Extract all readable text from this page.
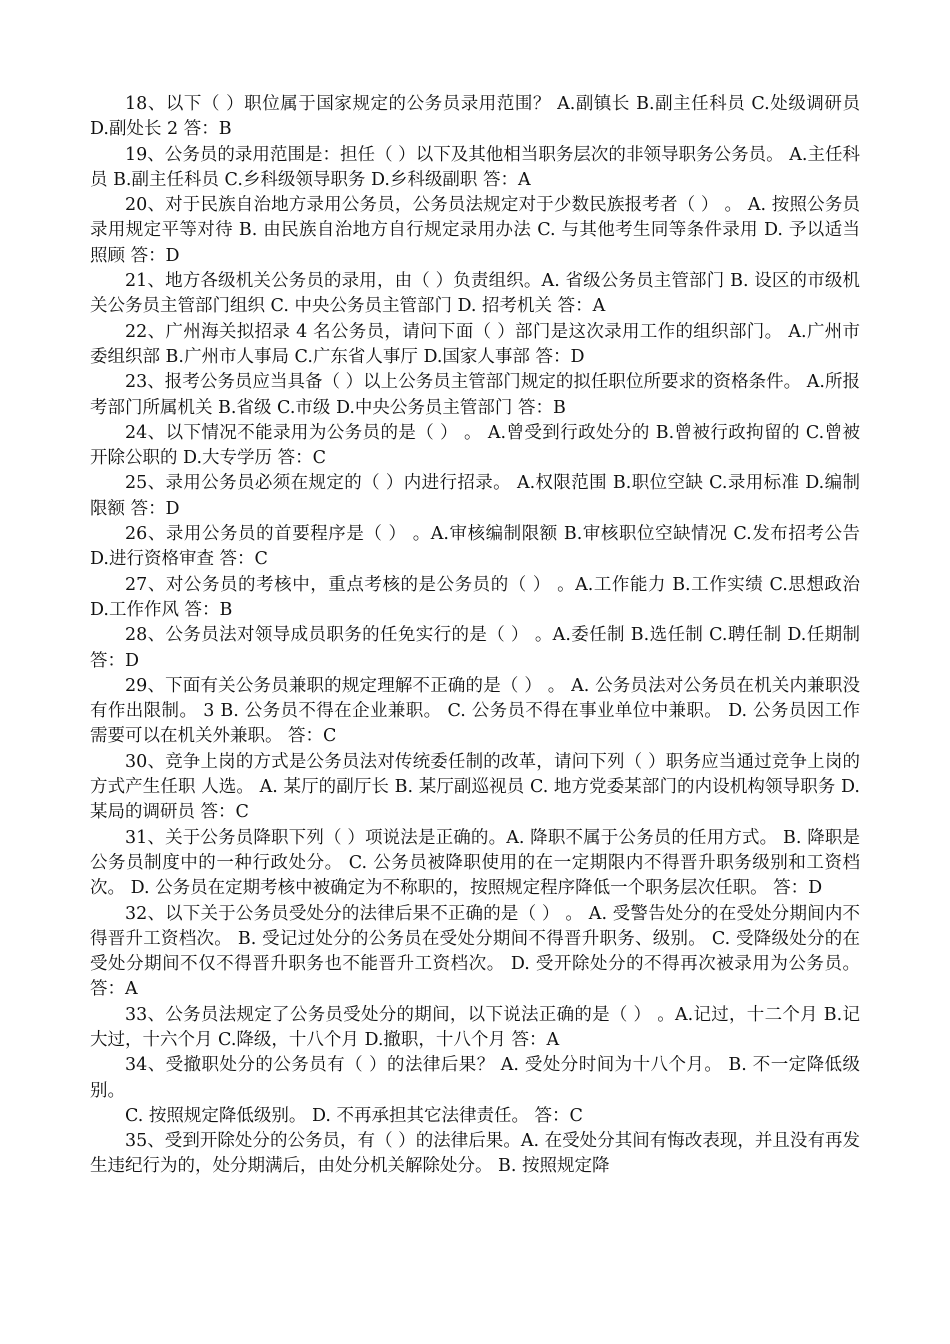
18、以下（ ）职位属于国家规定的公务员录用范围？ A.副镇长 B.副主任科员 C.处级调研员 D.副处长 2 答：B

19、公务员的录用范围是：担任（ ）以下及其他相当职务层次的非领导职务公务员。 A.主任科员 B.副主任科员 C.乡科级领导职务 D.乡科级副职 答：A

20、对于民族自治地方录用公务员，公务员法规定对于少数民族报考者（ ） 。 A. 按照公务员录用规定平等对待 B. 由民族自治地方自行规定录用办法 C. 与其他考生同等条件录用 D. 予以适当照顾 答：D

21、地方各级机关公务员的录用，由（ ）负责组织。A. 省级公务员主管部门 B. 设区的市级机关公务员主管部门组织 C. 中央公务员主管部门 D. 招考机关 答：A

22、广州海关拟招录 4 名公务员，请问下面（ ）部门是这次录用工作的组织部门。 A.广州市委组织部 B.广州市人事局 C.广东省人事厅 D.国家人事部 答：D

23、报考公务员应当具备（ ）以上公务员主管部门规定的拟任职位所要求的资格条件。 A.所报考部门所属机关 B.省级 C.市级 D.中央公务员主管部门 答：B

24、以下情况不能录用为公务员的是（ ） 。 A.曾受到行政处分的 B.曾被行政拘留的 C.曾被开除公职的 D.大专学历 答：C

25、录用公务员必须在规定的（ ）内进行招录。 A.权限范围 B.职位空缺 C.录用标准 D.编制限额 答：D

26、录用公务员的首要程序是（ ） 。A.审核编制限额 B.审核职位空缺情况 C.发布招考公告 D.进行资格审查 答：C

27、对公务员的考核中，重点考核的是公务员的（ ） 。A.工作能力 B.工作实绩 C.思想政治 D.工作作风 答：B

28、公务员法对领导成员职务的任免实行的是（ ） 。A.委任制 B.选任制 C.聘任制 D.任期制 答：D

29、下面有关公务员兼职的规定理解不正确的是（ ） 。 A. 公务员法对公务员在机关内兼职没有作出限制。 3 B. 公务员不得在企业兼职。 C. 公务员不得在事业单位中兼职。 D. 公务员因工作需要可以在机关外兼职。 答：C

30、竞争上岗的方式是公务员法对传统委任制的改革，请问下列（ ）职务应当通过竞争上岗的方式产生任职 人选。 A. 某厅的副厅长 B. 某厅副巡视员 C. 地方党委某部门的内设机构领导职务 D. 某局的调研员 答：C

31、关于公务员降职下列（ ）项说法是正确的。A. 降职不属于公务员的任用方式。 B. 降职是公务员制度中的一种行政处分。 C. 公务员被降职使用的在一定期限内不得晋升职务级别和工资档次。 D. 公务员在定期考核中被确定为不称职的，按照规定程序降低一个职务层次任职。 答：D

32、以下关于公务员受处分的法律后果不正确的是（ ） 。 A. 受警告处分的在受处分期间内不得晋升工资档次。 B. 受记过处分的公务员在受处分期间不得晋升职务、级别。 C. 受降级处分的在受处分期间不仅不得晋升职务也不能晋升工资档次。 D. 受开除处分的不得再次被录用为公务员。 答：A

33、公务员法规定了公务员受处分的期间，以下说法正确的是（ ） 。A.记过，十二个月 B.记大过，十六个月 C.降级，十八个月 D.撤职，十八个月 答：A

34、受撤职处分的公务员有（ ）的法律后果？ A. 受处分时间为十八个月。 B. 不一定降低级别。

C. 按照规定降低级别。 D. 不再承担其它法律责任。 答：C

35、受到开除处分的公务员，有（ ）的法律后果。A. 在受处分其间有悔改表现，并且没有再发生违纪行为的，处分期满后，由处分机关解除处分。 B. 按照规定降
